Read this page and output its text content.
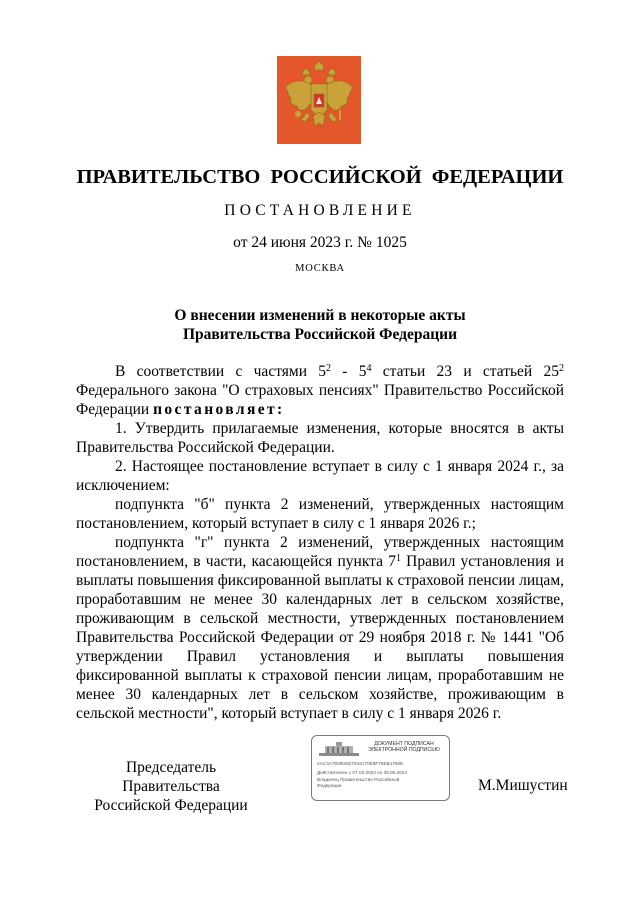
ПРАВИТЕЛЬСТВО РОССИЙСКОЙ ФЕДЕРАЦИИ
ПОСТАНОВЛЕНИЕ
от 24 июня 2023 г. № 1025
МОСКВА
О внесении изменений в некоторые акты
Правительства Российской Федерации

В соответствии с частями $5^2 - 5^4$ статьи 23 и статьей $25^2$ Федерального закона "О страховых пенсиях" Правительство Российской Федерации постановляет:

1. Утвердить прилагаемые изменения, которые вносятся в акты Правительства Российской Федерации.

2. Настоящее постановление вступает в силу с 1 января 2024 г., за исключением:

подпункта "б" пункта 2 изменений, утвержденных настоящим постановлением, который вступает в силу с 1 января 2026 г.;

подпункта "г" пункта 2 изменений, утвержденных настоящим постановлением, в части, касающейся пункта $7^1$ Правил установления и выплаты повышения фиксированной выплаты к страховой пенсии лицам, проработавшим не менее 30 календарных лет в сельском хозяйстве, проживающим в сельской местности, утвержденных постановлением Правительства Российской Федерации от 29 ноября 2018 г. № 1441 "Об утверждении Правил установления и выплаты повышения фиксированной выплаты к страховой пенсии лицам, проработавшим не менее 30 календарных лет в сельском хозяйстве, проживающим в сельской местности", который вступает в силу с 1 января 2026 г.

Председатель Правительства
Российской Федерации
ДОКУМЕНТ ПОДПИСАН
ЭЛЕКТРОННОЙ ПОДПИСЬЮ
2AC3A79290SD7616170E9F76EB1760E
Действителен с 07.03.2023 по 30.06.2024
Владелец Правительство Российской
Федерации	М.Мишустин
